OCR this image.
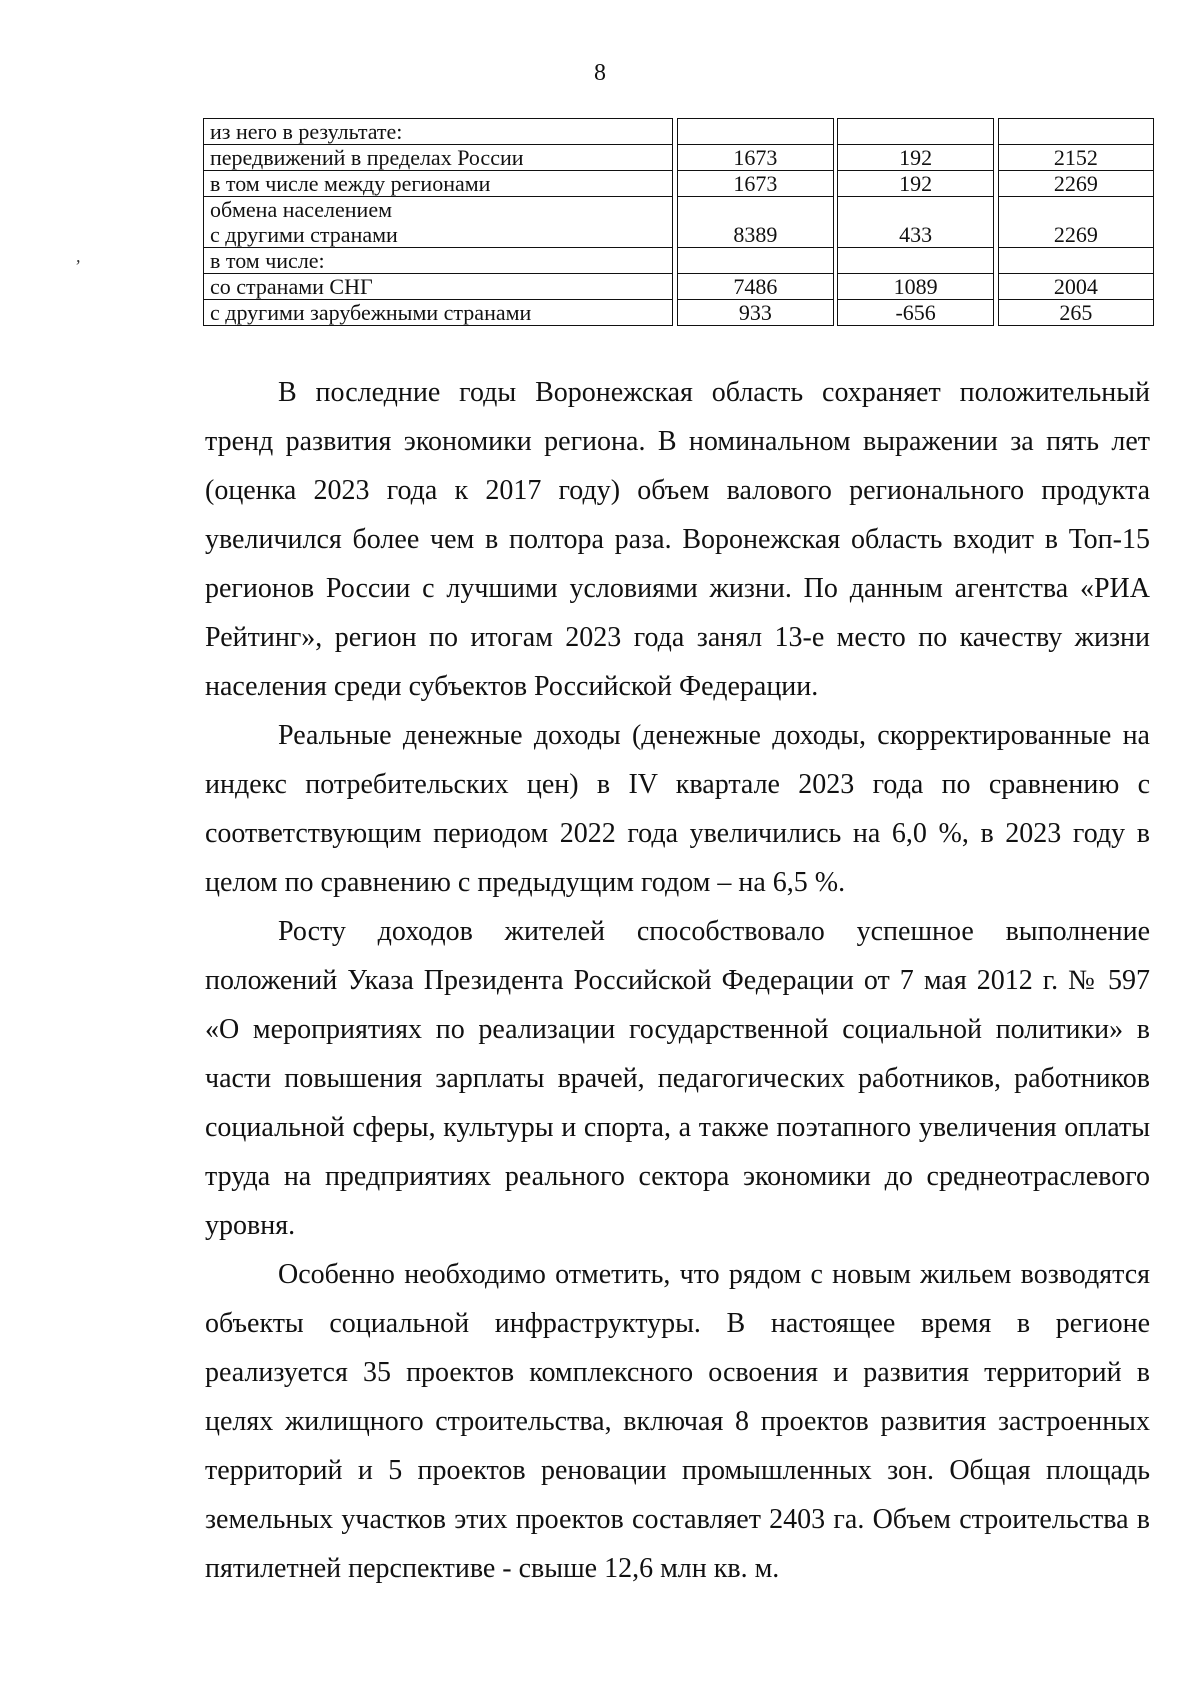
8
,
из него в результате:						
передвижений в пределах России		1673		192		2152
в том числе между регионами		1673		192		2269
обмена населением
с другими странами		8389		433		2269
в том числе:						
со странами СНГ		7486		1089		2004
с другими зарубежными странами		933		-656		265

В последние годы Воронежская область сохраняет положительный тренд развития экономики региона. В номинальном выражении за пять лет (оценка 2023 года к 2017 году) объем валового регионального продукта увеличился более чем в полтора раза. Воронежская область входит в Топ-15 регионов России с лучшими условиями жизни. По данным агентства «РИА Рейтинг», регион по итогам 2023 года занял 13-е место по качеству жизни населения среди субъектов Российской Федерации.

Реальные денежные доходы (денежные доходы, скорректированные на индекс потребительских цен) в IV квартале 2023 года по сравнению с соответствующим периодом 2022 года увеличились на 6,0 %, в 2023 году в целом по сравнению с предыдущим годом – на 6,5 %.

Росту доходов жителей способствовало успешное выполнение положений Указа Президента Российской Федерации от 7 мая 2012 г. № 597 «О мероприятиях по реализации государственной социальной политики» в части повышения зарплаты врачей, педагогических работников, работников социальной сферы, культуры и спорта, а также поэтапного увеличения оплаты труда на предприятиях реального сектора экономики до среднеотраслевого уровня.

Особенно необходимо отметить, что рядом с новым жильем возводятся объекты социальной инфраструктуры. В настоящее время в регионе реализуется 35 проектов комплексного освоения и развития территорий в целях жилищного строительства, включая 8 проектов развития застроенных территорий и 5 проектов реновации промышленных зон. Общая площадь земельных участков этих проектов составляет 2403 га. Объем строительства в пятилетней перспективе - свыше 12,6 млн кв. м.
